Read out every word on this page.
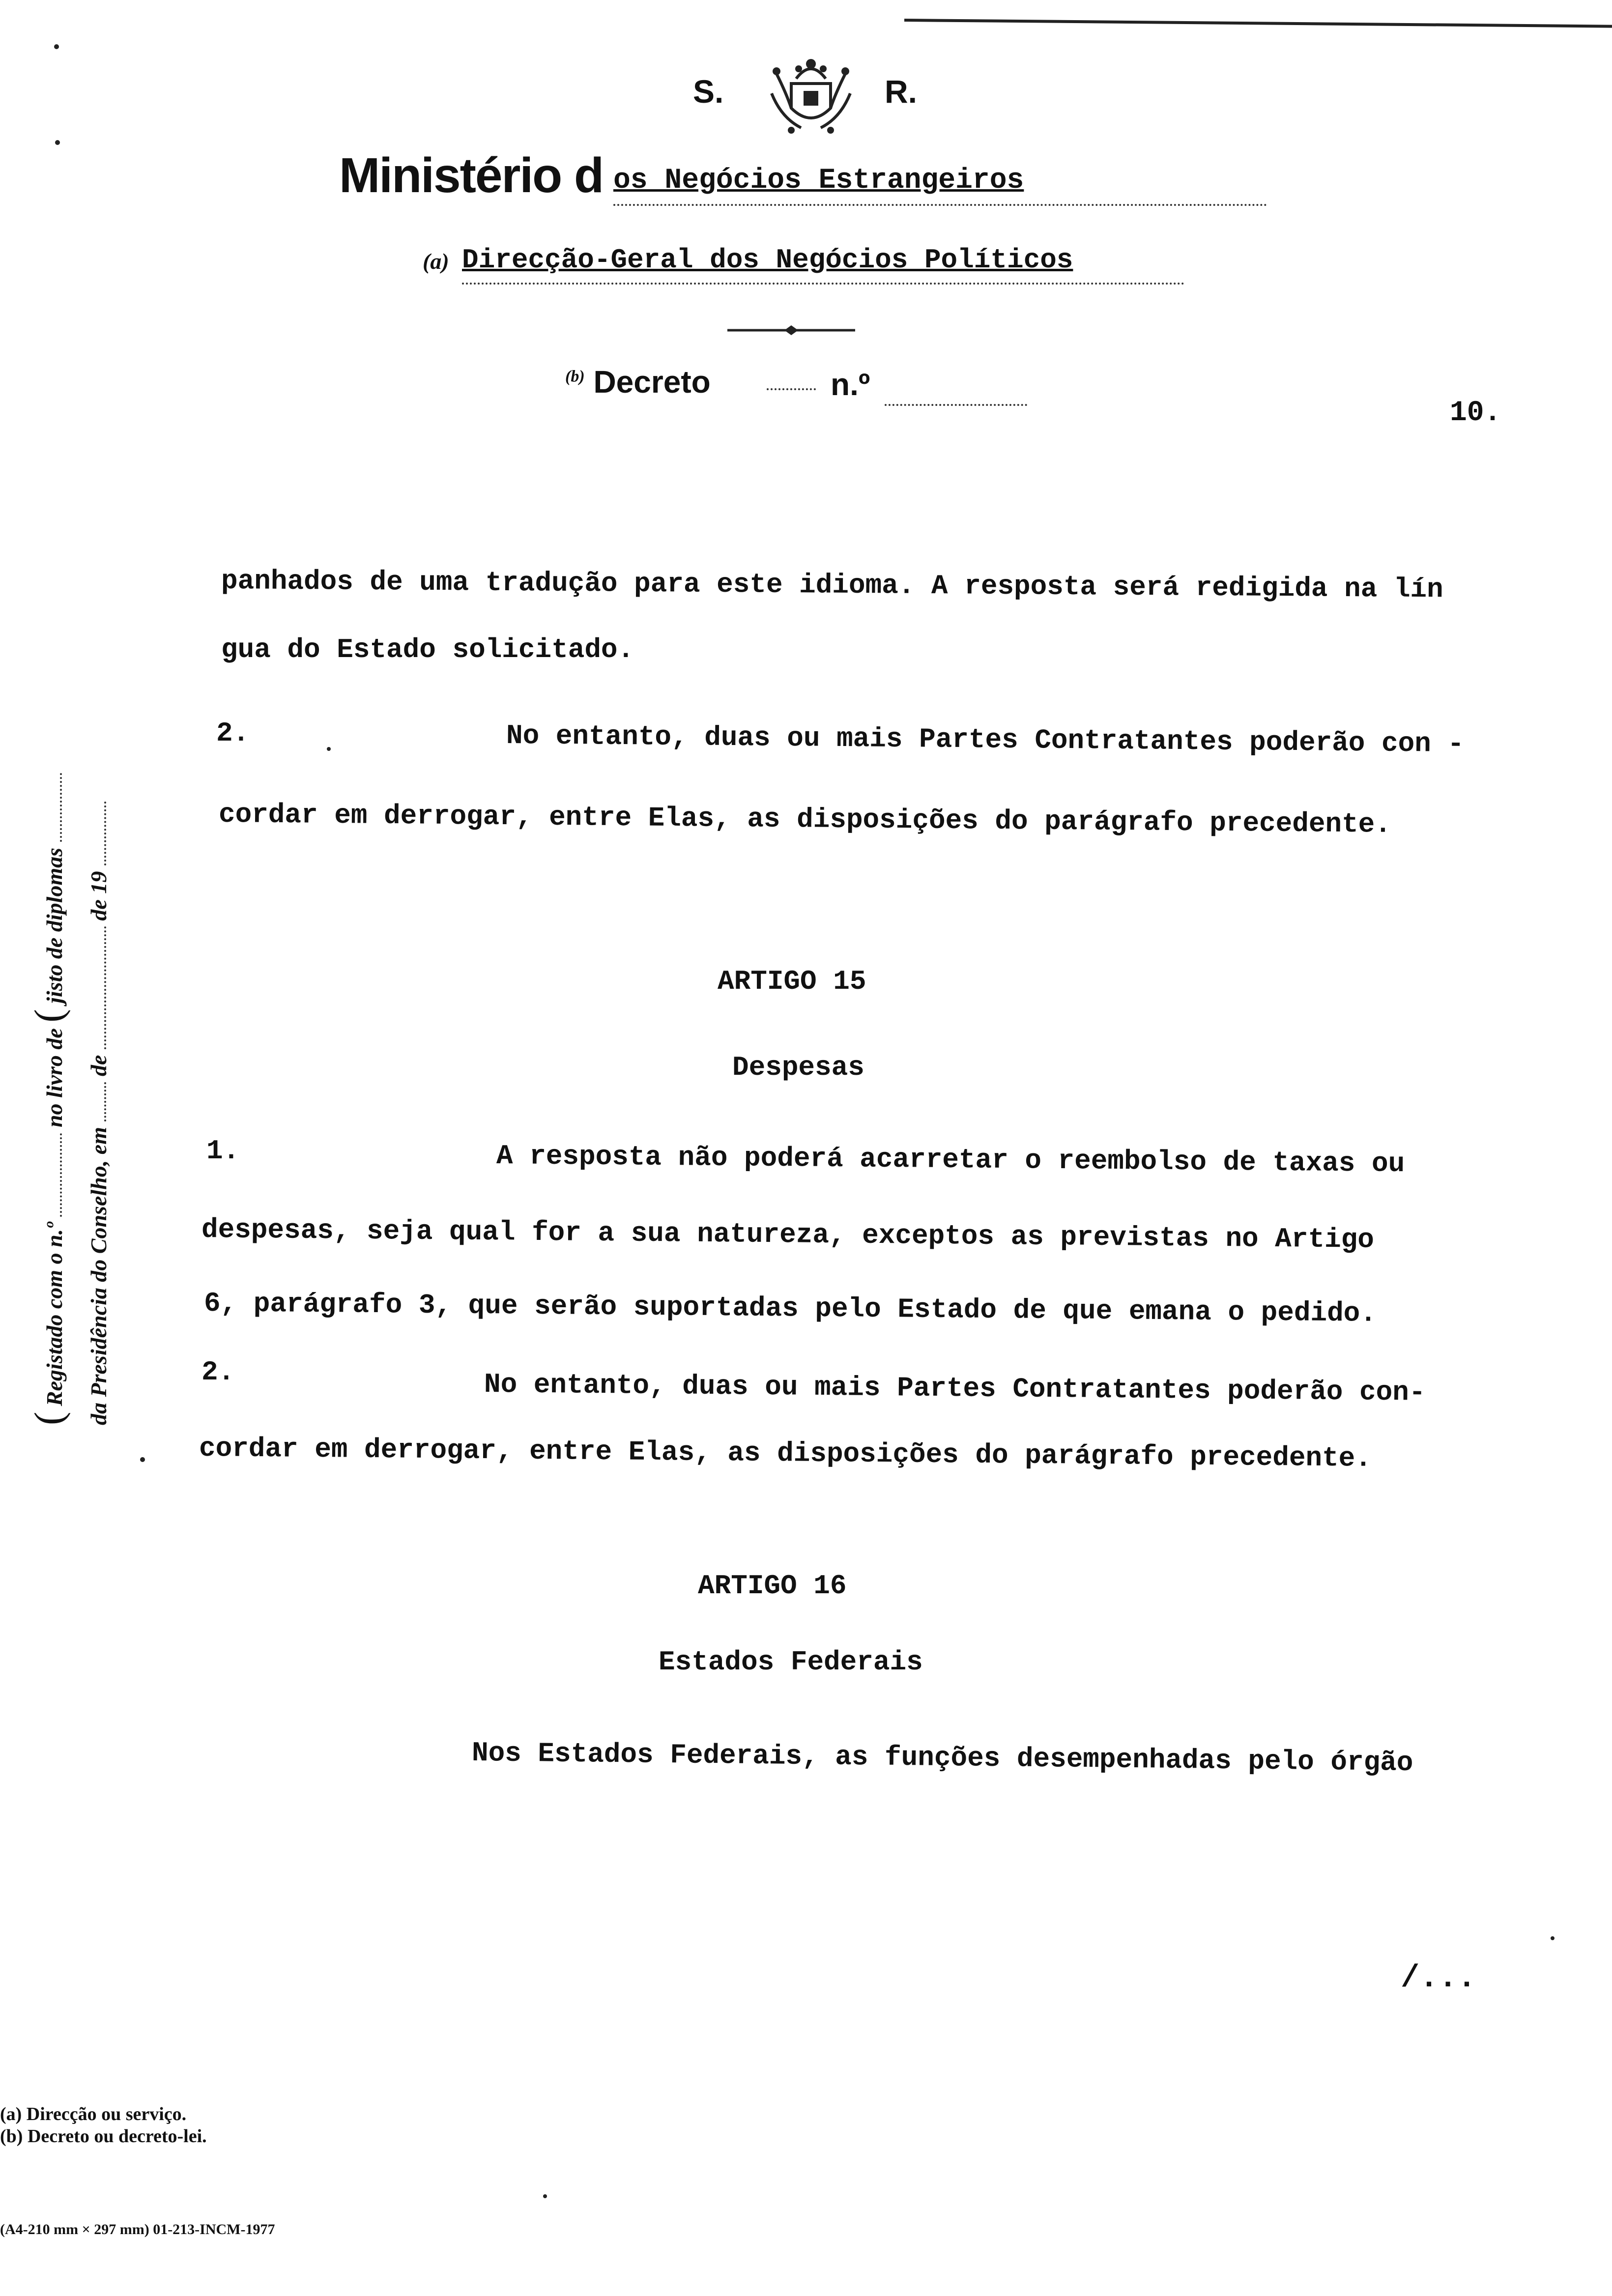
S.	R.
Ministério d os Negócios Estrangeiros
(a) Direcção-Geral dos Negócios Políticos
$^{(b)}$ Decreto	n.º
10.
( Registado com o n.º  no livro de ( jisto de diplomas
da Presidência do Conselho, em  de  de 19
panhados de uma tradução para este idioma. A resposta será redigida na lín
gua do Estado solicitado.
2.	No entanto, duas ou mais Partes Contratantes poderão con -
cordar em derrogar, entre Elas, as disposições do parágrafo precedente.
ARTIGO 15
Despesas
1.	A resposta não poderá acarretar o reembolso de taxas ou
despesas, seja qual for a sua natureza, exceptos as previstas no Artigo
6, parágrafo 3, que serão suportadas pelo Estado de que emana o pedido.
2.	No entanto, duas ou mais Partes Contratantes poderão con-
cordar em derrogar, entre Elas, as disposições do parágrafo precedente.
ARTIGO 16
Estados Federais
Nos Estados Federais, as funções desempenhadas pelo órgão
/...
(a) Direcção ou serviço.
(b) Decreto ou decreto-lei.
(A4-210 mm × 297 mm) 01-213-INCM-1977
